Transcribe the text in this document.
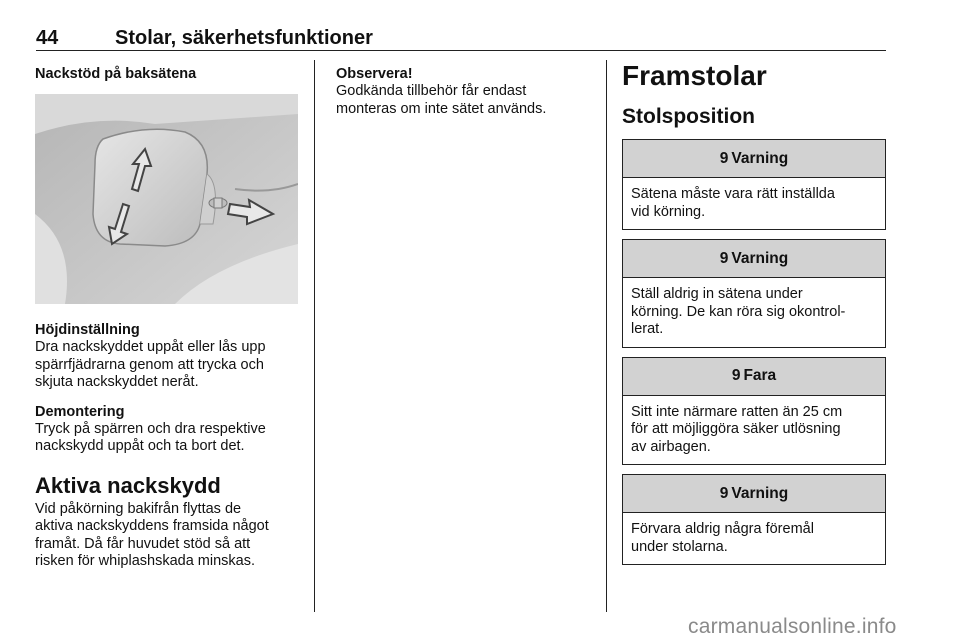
44	Stolar, säkerhetsfunktioner

Nackstöd på baksätena

Höjdinställning

Dra nackskyddet uppåt eller lås upp

spärrfjädrarna genom att trycka och

skjuta nackskyddet neråt.

Demontering

Tryck på spärren och dra respektive

nackskydd uppåt och ta bort det.

Aktiva nackskydd

Vid påkörning bakifrån flyttas de

aktiva nackskyddens framsida något

framåt. Då får huvudet stöd så att

risken för whiplashskada minskas.

Observera!

Godkända tillbehör får endast

monteras om inte sätet används.

Framstolar

Stolsposition

9 Varning
Sätena måste vara rätt inställda
vid körning.
9 Varning
Ställ aldrig in sätena under
körning. De kan röra sig okontrol-
lerat.
9 Fara
Sitt inte närmare ratten än 25 cm
för att möjliggöra säker utlösning
av airbagen.
9 Varning
Förvara aldrig några föremål
under stolarna.
carmanualsonline.info
